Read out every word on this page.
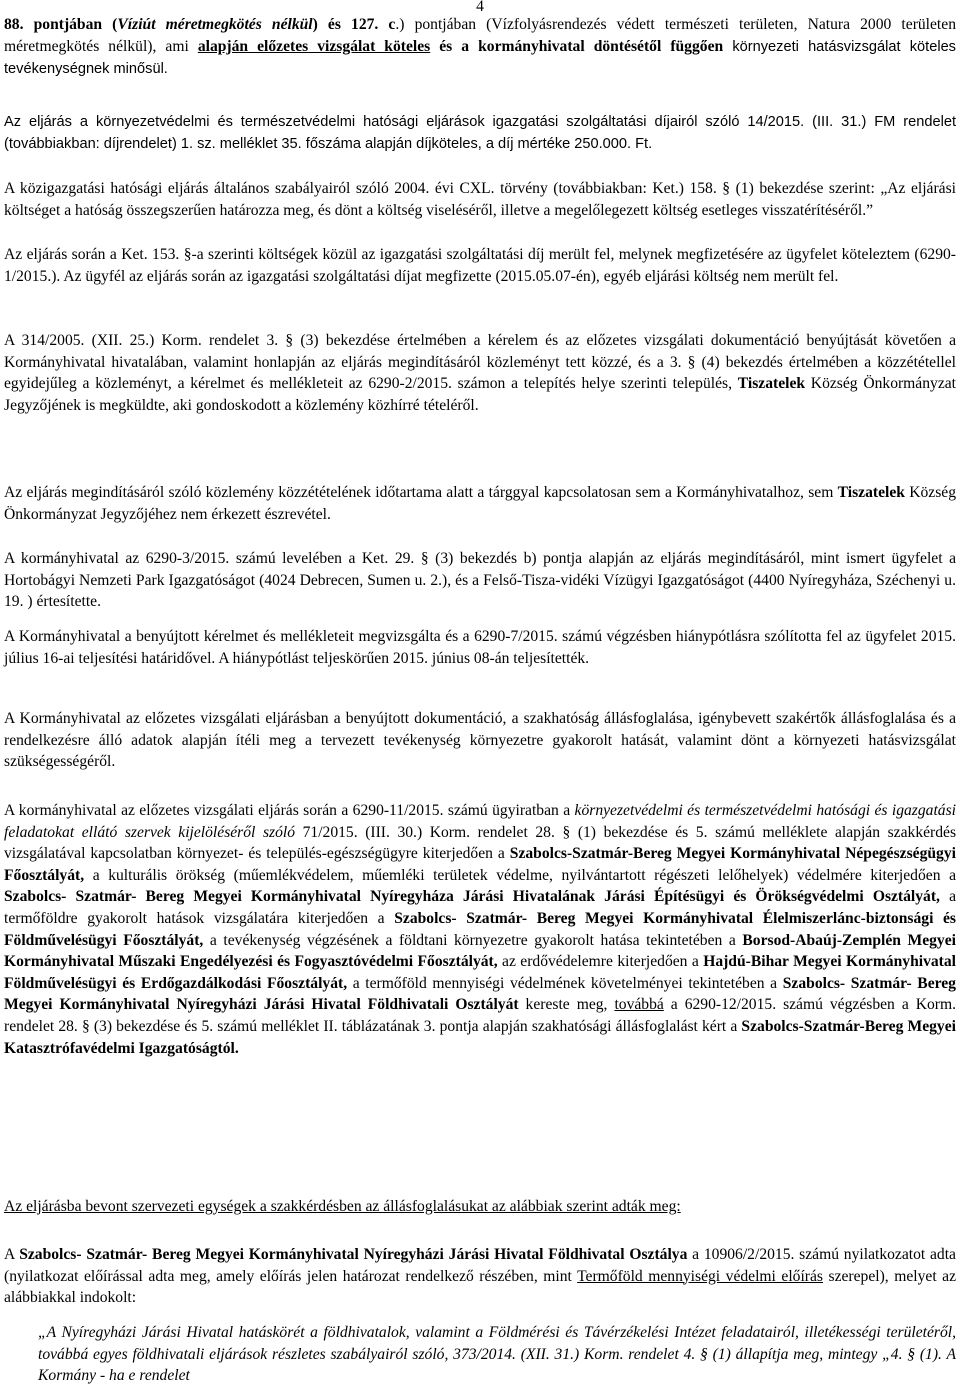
4

88. pontjában (Víziút méretmegkötés nélkül) és 127. c.) pontjában (Vízfolyásrendezés védett természeti területen, Natura 2000 területen méretmegkötés nélkül), ami alapján előzetes vizsgálat köteles és a kormányhivatal döntésétől függően környezeti hatásvizsgálat köteles tevékenységnek minősül.

Az eljárás a környezetvédelmi és természetvédelmi hatósági eljárások igazgatási szolgáltatási díjairól szóló 14/2015. (III. 31.) FM rendelet (továbbiakban: díjrendelet) 1. sz. melléklet 35. főszáma alapján díjköteles, a díj mértéke 250.000. Ft.

A közigazgatási hatósági eljárás általános szabályairól szóló 2004. évi CXL. törvény (továbbiakban: Ket.) 158. § (1) bekezdése szerint: „Az eljárási költséget a hatóság összegszerűen határozza meg, és dönt a költség viseléséről, illetve a megelőlegezett költség esetleges visszatérítéséről.”

Az eljárás során a Ket. 153. §-a szerinti költségek közül az igazgatási szolgáltatási díj merült fel, melynek megfizetésére az ügyfelet köteleztem (6290-1/2015.). Az ügyfél az eljárás során az igazgatási szolgáltatási díjat megfizette (2015.05.07-én), egyéb eljárási költség nem merült fel.

A 314/2005. (XII. 25.) Korm. rendelet 3. § (3) bekezdése értelmében a kérelem és az előzetes vizsgálati dokumentáció benyújtását követően a Kormányhivatal hivatalában, valamint honlapján az eljárás megindításáról közleményt tett közzé, és a 3. § (4) bekezdés értelmében a közzététellel egyidejűleg a közleményt, a kérelmet és mellékleteit az 6290-2/2015. számon a telepítés helye szerinti település, Tiszatelek Község Önkormányzat Jegyzőjének is megküldte, aki gondoskodott a közlemény közhírré tételéről.

Az eljárás megindításáról szóló közlemény közzétételének időtartama alatt a tárggyal kapcsolatosan sem a Kormányhivatalhoz, sem Tiszatelek Község Önkormányzat Jegyzőjéhez nem érkezett észrevétel.

A kormányhivatal az 6290-3/2015. számú levelében a Ket. 29. § (3) bekezdés b) pontja alapján az eljárás megindításáról, mint ismert ügyfelet a Hortobágyi Nemzeti Park Igazgatóságot (4024 Debrecen, Sumen u. 2.), és a Felső-Tisza-vidéki Vízügyi Igazgatóságot (4400 Nyíregyháza, Széchenyi u. 19. ) értesítette.

A Kormányhivatal a benyújtott kérelmet és mellékleteit megvizsgálta és a 6290-7/2015. számú végzésben hiánypótlásra szólította fel az ügyfelet 2015. július 16-ai teljesítési határidővel. A hiánypótlást teljeskörűen 2015. június 08-án teljesítették.

A Kormányhivatal az előzetes vizsgálati eljárásban a benyújtott dokumentáció, a szakhatóság állásfoglalása, igénybevett szakértők állásfoglalása és a rendelkezésre álló adatok alapján ítéli meg a tervezett tevékenység környezetre gyakorolt hatását, valamint dönt a környezeti hatásvizsgálat szükségességéről.

A kormányhivatal az előzetes vizsgálati eljárás során a 6290-11/2015. számú ügyiratban a környezetvédelmi és természetvédelmi hatósági és igazgatási feladatokat ellátó szervek kijelöléséről szóló 71/2015. (III. 30.) Korm. rendelet 28. § (1) bekezdése és 5. számú melléklete alapján szakkérdés vizsgálatával kapcsolatban környezet- és település-egészségügyre kiterjedően a Szabolcs-Szatmár-Bereg Megyei Kormányhivatal Népegészségügyi Főosztályát, a kulturális örökség (műemlékvédelem, műemléki területek védelme, nyilvántartott régészeti lelőhelyek) védelmére kiterjedően a Szabolcs- Szatmár- Bereg Megyei Kormányhivatal Nyíregyháza Járási Hivatalának Járási Építésügyi és Örökségvédelmi Osztályát, a termőföldre gyakorolt hatások vizsgálatára kiterjedően a Szabolcs- Szatmár- Bereg Megyei Kormányhivatal Élelmiszerlánc-biztonsági és Földművelésügyi Főosztályát, a tevékenység végzésének a földtani környezetre gyakorolt hatása tekintetében a Borsod-Abaúj-Zemplén Megyei Kormányhivatal Műszaki Engedélyezési és Fogyasztóvédelmi Főosztályát, az erdővédelemre kiterjedően a Hajdú-Bihar Megyei Kormányhivatal Földművelésügyi és Erdőgazdálkodási Főosztályát, a termőföld mennyiségi védelmének követelményei tekintetében a Szabolcs- Szatmár- Bereg Megyei Kormányhivatal Nyíregyházi Járási Hivatal Földhivatali Osztályát kereste meg, továbbá a 6290-12/2015. számú végzésben a Korm. rendelet 28. § (3) bekezdése és 5. számú melléklet II. táblázatának 3. pontja alapján szakhatósági állásfoglalást kért a Szabolcs-Szatmár-Bereg Megyei Katasztrófavédelmi Igazgatóságtól.

Az eljárásba bevont szervezeti egységek a szakkérdésben az állásfoglalásukat az alábbiak szerint adták meg:

A Szabolcs- Szatmár- Bereg Megyei Kormányhivatal Nyíregyházi Járási Hivatal Földhivatal Osztálya a 10906/2/2015. számú nyilatkozatot adta (nyilatkozat előírással adta meg, amely előírás jelen határozat rendelkező részében, mint Termőföld mennyiségi védelmi előírás szerepel), melyet az alábbiakkal indokolt:

„A Nyíregyházi Járási Hivatal hatáskörét a földhivatalok, valamint a Földmérési és Távérzékelési Intézet feladatairól, illetékességi területéről, továbbá egyes földhivatali eljárások részletes szabályairól szóló, 373/2014. (XII. 31.) Korm. rendelet 4. § (1) állapítja meg, mintegy „4. § (1). A Kormány - ha e rendelet
